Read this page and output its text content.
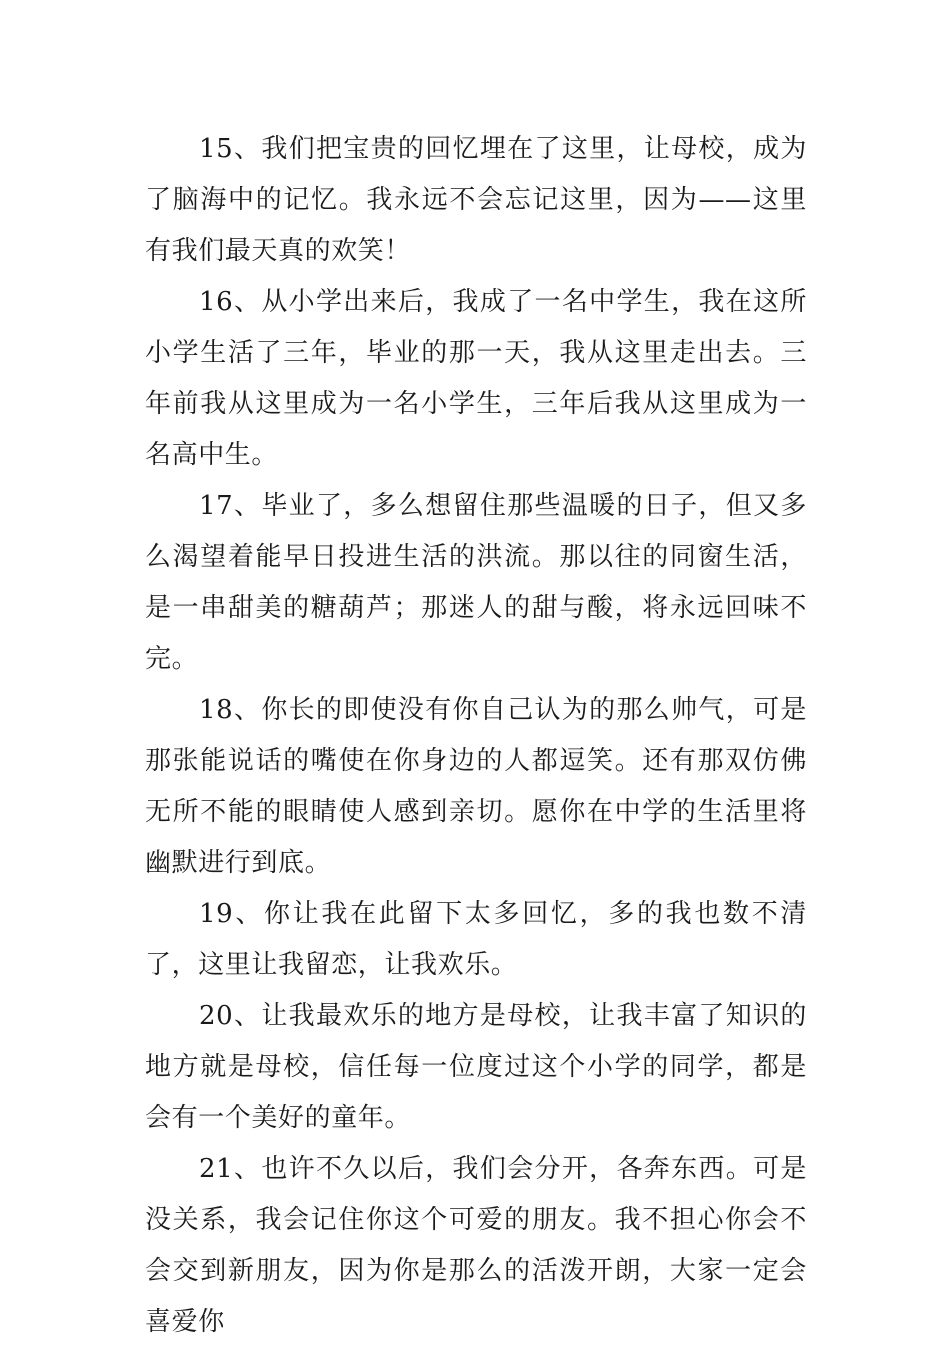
15、我们把宝贵的回忆埋在了这里，让母校，成为了脑海中的记忆。我永远不会忘记这里，因为——这里有我们最天真的欢笑！

16、从小学出来后，我成了一名中学生，我在这所小学生活了三年，毕业的那一天，我从这里走出去。三年前我从这里成为一名小学生，三年后我从这里成为一名高中生。

17、毕业了，多么想留住那些温暖的日子，但又多么渴望着能早日投进生活的洪流。那以往的同窗生活，是一串甜美的糖葫芦；那迷人的甜与酸，将永远回味不完。

18、你长的即使没有你自己认为的那么帅气，可是那张能说话的嘴使在你身边的人都逗笑。还有那双仿佛无所不能的眼睛使人感到亲切。愿你在中学的生活里将幽默进行到底。

19、你让我在此留下太多回忆，多的我也数不清了，这里让我留恋，让我欢乐。

20、让我最欢乐的地方是母校，让我丰富了知识的地方就是母校，信任每一位度过这个小学的同学，都是会有一个美好的童年。

21、也许不久以后，我们会分开，各奔东西。可是没关系，我会记住你这个可爱的朋友。我不担心你会不会交到新朋友，因为你是那么的活泼开朗，大家一定会喜爱你
